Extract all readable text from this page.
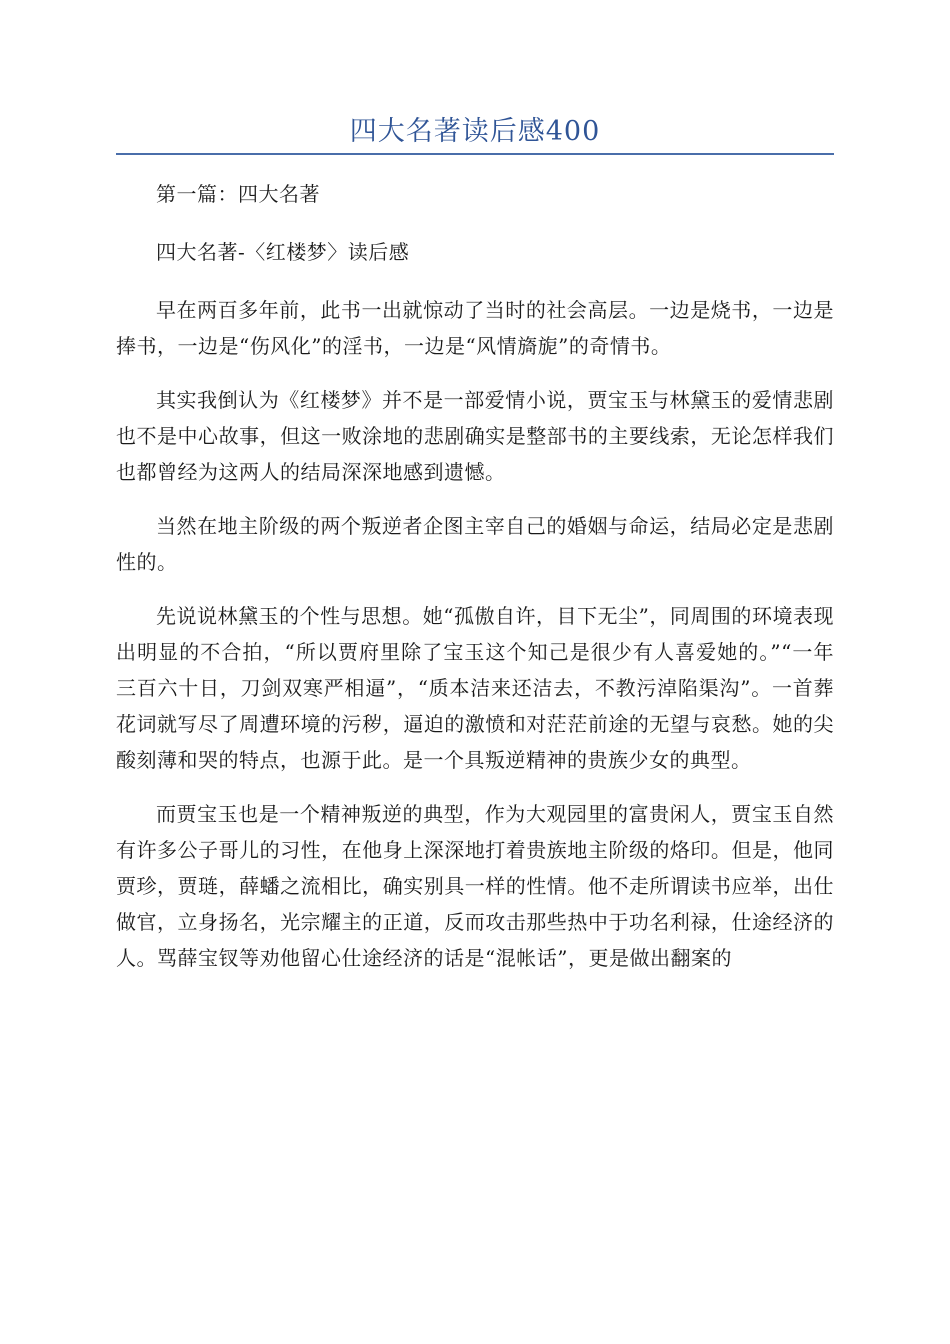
四大名著读后感400

第一篇：四大名著

四大名著-〈红楼梦〉读后感

早在两百多年前，此书一出就惊动了当时的社会高层。一边是烧书，一边是捧书，一边是“伤风化”的淫书，一边是“风情旖旎”的奇情书。

其实我倒认为《红楼梦》并不是一部爱情小说，贾宝玉与林黛玉的爱情悲剧也不是中心故事，但这一败涂地的悲剧确实是整部书的主要线索，无论怎样我们也都曾经为这两人的结局深深地感到遗憾。

当然在地主阶级的两个叛逆者企图主宰自己的婚姻与命运，结局必定是悲剧性的。

先说说林黛玉的个性与思想。她“孤傲自许，目下无尘”，同周围的环境表现出明显的不合拍，“所以贾府里除了宝玉这个知己是很少有人喜爱她的。”“一年三百六十日，刀剑双寒严相逼”，“质本洁来还洁去，不教污淖陷渠沟”。一首葬花词就写尽了周遭环境的污秽，逼迫的激愤和对茫茫前途的无望与哀愁。她的尖酸刻薄和哭的特点，也源于此。是一个具叛逆精神的贵族少女的典型。

而贾宝玉也是一个精神叛逆的典型，作为大观园里的富贵闲人，贾宝玉自然有许多公子哥儿的习性，在他身上深深地打着贵族地主阶级的烙印。但是，他同贾珍，贾琏，薛蟠之流相比，确实别具一样的性情。他不走所谓读书应举，出仕做官，立身扬名，光宗耀主的正道，反而攻击那些热中于功名利禄，仕途经济的人。骂薛宝钗等劝他留心仕途经济的话是“混帐话”，更是做出翻案的
